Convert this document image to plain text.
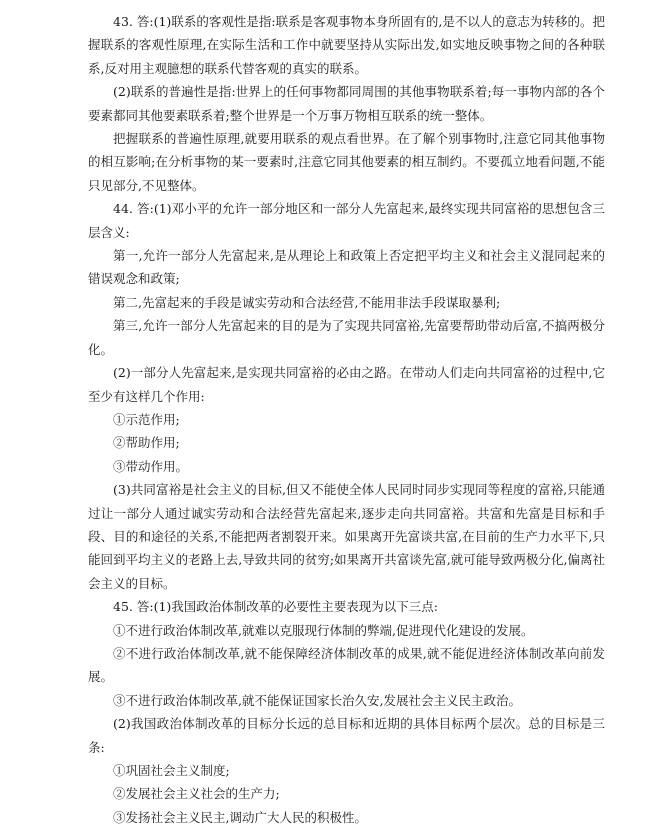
43. 答:(1)联系的客观性是指:联系是客观事物本身所固有的,是不以人的意志为转移的。把握联系的客观性原理,在实际生活和工作中就要坚持从实际出发,如实地反映事物之间的各种联系,反对用主观臆想的联系代替客观的真实的联系。

(2)联系的普遍性是指:世界上的任何事物都同周围的其他事物联系着;每一事物内部的各个要素都同其他要素联系着;整个世界是一个万事万物相互联系的统一整体。

把握联系的普遍性原理,就要用联系的观点看世界。在了解个别事物时,注意它同其他事物的相互影响;在分析事物的某一要素时,注意它同其他要素的相互制约。不要孤立地看问题,不能只见部分,不见整体。

44. 答:(1)邓小平的允许一部分地区和一部分人先富起来,最终实现共同富裕的思想包含三层含义:

第一,允许一部分人先富起来,是从理论上和政策上否定把平均主义和社会主义混同起来的错误观念和政策;

第二,先富起来的手段是诚实劳动和合法经营,不能用非法手段谋取暴利;

第三,允许一部分人先富起来的目的是为了实现共同富裕,先富要帮助带动后富,不搞两极分化。

(2)一部分人先富起来,是实现共同富裕的必由之路。在带动人们走向共同富裕的过程中,它至少有这样几个作用:

①示范作用;

②帮助作用;

③带动作用。

(3)共同富裕是社会主义的目标,但又不能使全体人民同时同步实现同等程度的富裕,只能通过让一部分人通过诚实劳动和合法经营先富起来,逐步走向共同富裕。共富和先富是目标和手段、目的和途径的关系,不能把两者割裂开来。如果离开先富谈共富,在目前的生产力水平下,只能回到平均主义的老路上去,导致共同的贫穷;如果离开共富谈先富,就可能导致两极分化,偏离社会主义的目标。

45. 答:(1)我国政治体制改革的必要性主要表现为以下三点:

①不进行政治体制改革,就难以克服现行体制的弊端,促进现代化建设的发展。

②不进行政治体制改革,就不能保障经济体制改革的成果,就不能促进经济体制改革向前发展。

③不进行政治体制改革,就不能保证国家长治久安,发展社会主义民主政治。

(2)我国政治体制改革的目标分长远的总目标和近期的具体目标两个层次。总的目标是三条:

①巩固社会主义制度;

②发展社会主义社会的生产力;

③发扬社会主义民主,调动广大人民的积极性。
